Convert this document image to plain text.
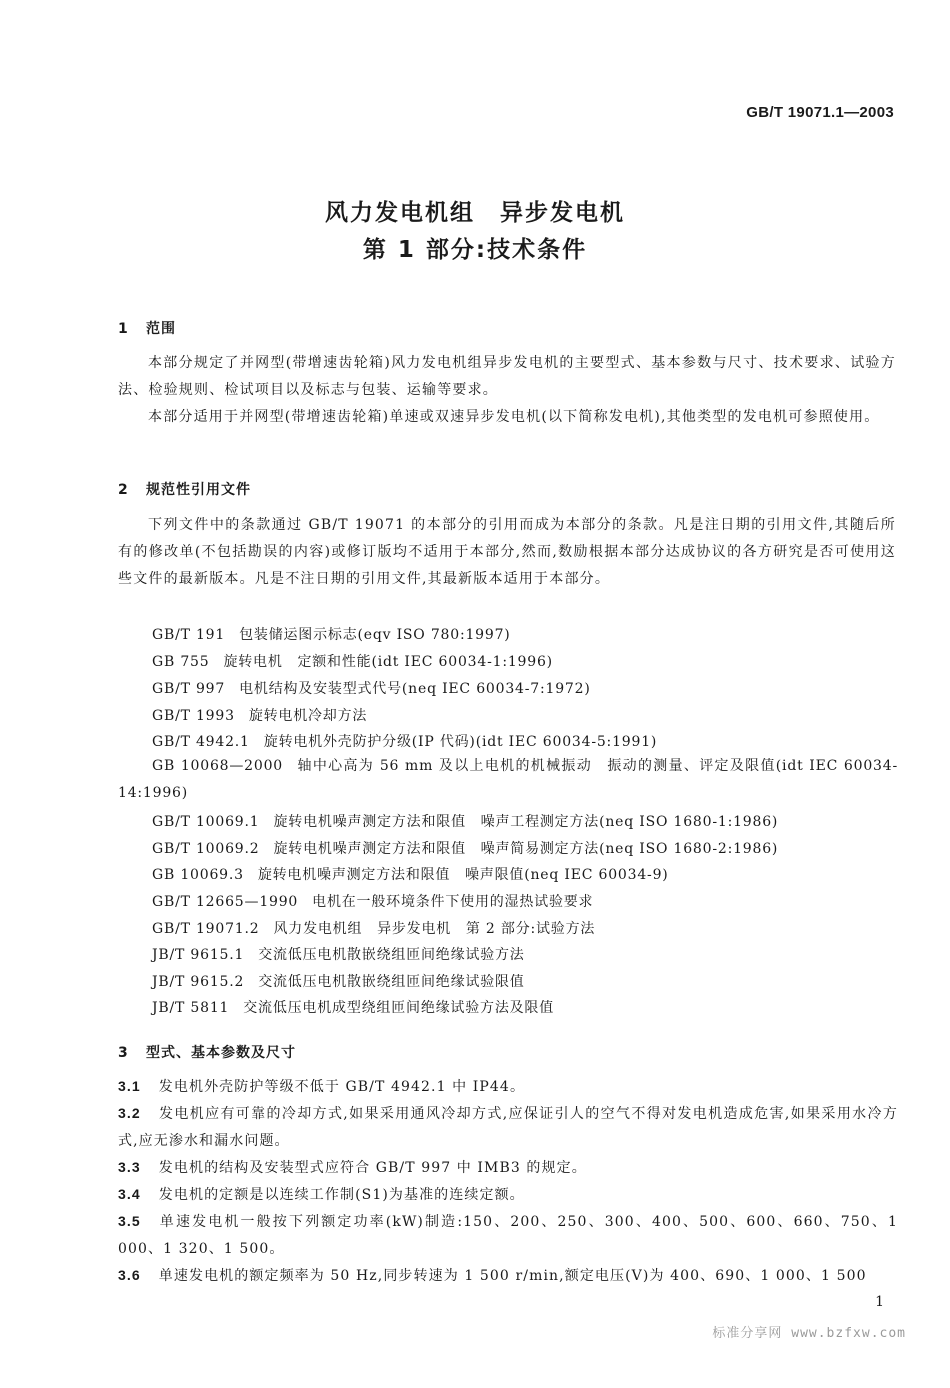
GB/T 19071.1—2003
风力发电机组　异步发电机
第 1 部分:技术条件
1 范围
本部分规定了并网型(带增速齿轮箱)风力发电机组异步发电机的主要型式、基本参数与尺寸、技术要求、试验方法、检验规则、检试项目以及标志与包装、运输等要求。
本部分适用于并网型(带增速齿轮箱)单速或双速异步发电机(以下简称发电机),其他类型的发电机可参照使用。
2 规范性引用文件
下列文件中的条款通过 GB/T 19071 的本部分的引用而成为本部分的条款。凡是注日期的引用文件,其随后所有的修改单(不包括勘误的内容)或修订版均不适用于本部分,然而,数励根据本部分达成协议的各方研究是否可使用这些文件的最新版本。凡是不注日期的引用文件,其最新版本适用于本部分。
GB/T 191 包装储运图示标志(eqv ISO 780:1997)
GB 755 旋转电机　定额和性能(idt IEC 60034-1:1996)
GB/T 997 电机结构及安装型式代号(neq IEC 60034-7:1972)
GB/T 1993 旋转电机冷却方法
GB/T 4942.1 旋转电机外壳防护分级(IP 代码)(idt IEC 60034-5:1991)
GB 10068—2000 轴中心高为 56 mm 及以上电机的机械振动　振动的测量、评定及限值(idt IEC 60034-14:1996)
GB/T 10069.1 旋转电机噪声测定方法和限值　噪声工程测定方法(neq ISO 1680-1:1986)
GB/T 10069.2 旋转电机噪声测定方法和限值　噪声简易测定方法(neq ISO 1680-2:1986)
GB 10069.3 旋转电机噪声测定方法和限值　噪声限值(neq IEC 60034-9)
GB/T 12665—1990 电机在一般环境条件下使用的湿热试验要求
GB/T 19071.2 风力发电机组　异步发电机　第 2 部分:试验方法
JB/T 9615.1 交流低压电机散嵌绕组匝间绝缘试验方法
JB/T 9615.2 交流低压电机散嵌绕组匝间绝缘试验限值
JB/T 5811 交流低压电机成型绕组匝间绝缘试验方法及限值
3 型式、基本参数及尺寸
3.1 发电机外壳防护等级不低于 GB/T 4942.1 中 IP44。
3.2 发电机应有可靠的冷却方式,如果采用通风冷却方式,应保证引人的空气不得对发电机造成危害,如果采用水冷方式,应无渗水和漏水问题。
3.3 发电机的结构及安装型式应符合 GB/T 997 中 IMB3 的规定。
3.4 发电机的定额是以连续工作制(S1)为基准的连续定额。
3.5 单速发电机一般按下列额定功率(kW)制造:150、200、250、300、400、500、600、660、750、1 000、1 320、1 500。
3.6 单速发电机的额定频率为 50 Hz,同步转速为 1 500 r/min,额定电压(V)为 400、690、1 000、1 500
1
标准分享网 www.bzfxw.com
